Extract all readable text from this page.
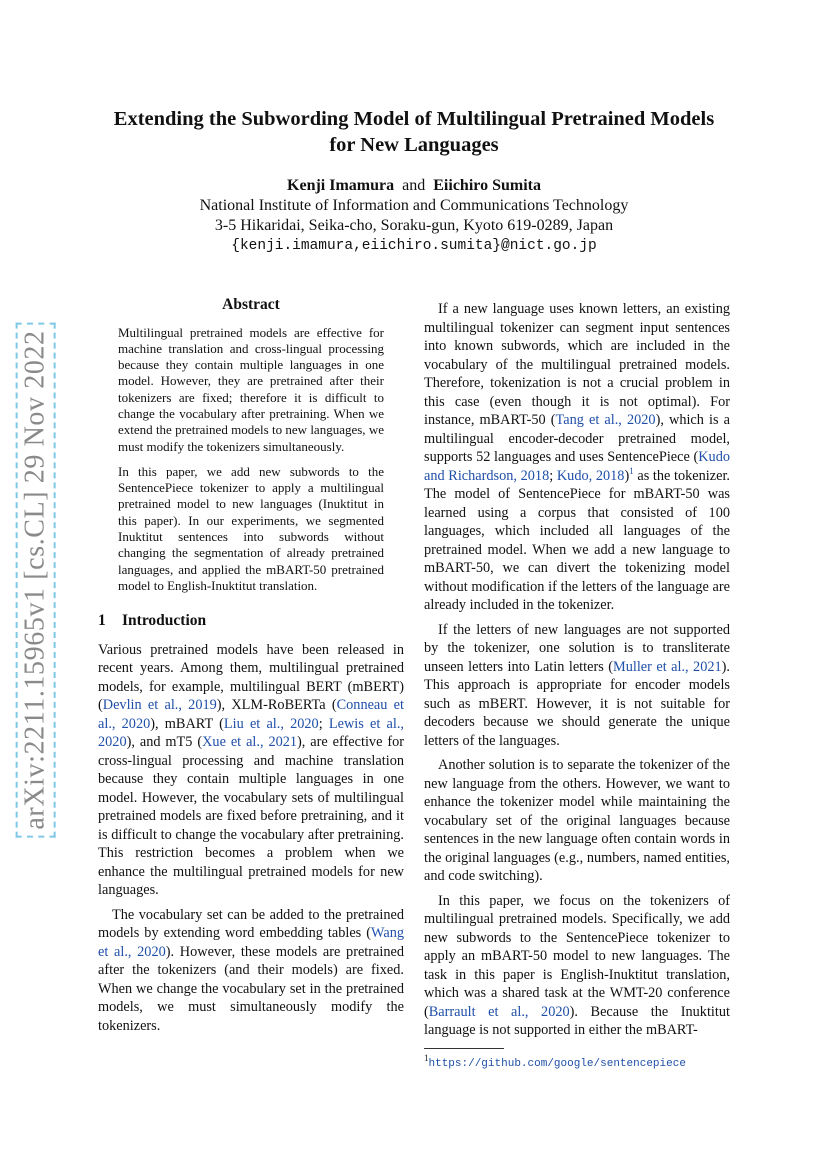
arXiv:2211.15965v1 [cs.CL] 29 Nov 2022
Extending the Subwording Model of Multilingual Pretrained Models for New Languages
Kenji Imamura and Eiichiro Sumita
National Institute of Information and Communications Technology
3-5 Hikaridai, Seika-cho, Soraku-gun, Kyoto 619-0289, Japan
{kenji.imamura,eiichiro.sumita}@nict.go.jp
Abstract

Multilingual pretrained models are effective for machine translation and cross-lingual processing because they contain multiple languages in one model. However, they are pretrained after their tokenizers are fixed; therefore it is difficult to change the vocabulary after pretraining. When we extend the pretrained models to new languages, we must modify the tokenizers simultaneously.

In this paper, we add new subwords to the SentencePiece tokenizer to apply a multilingual pretrained model to new languages (Inuktitut in this paper). In our experiments, we segmented Inuktitut sentences into subwords without changing the segmentation of already pretrained languages, and applied the mBART-50 pretrained model to English-Inuktitut translation.

1 Introduction

Various pretrained models have been released in recent years. Among them, multilingual pretrained models, for example, multilingual BERT (mBERT) (Devlin et al., 2019), XLM-RoBERTa (Conneau et al., 2020), mBART (Liu et al., 2020; Lewis et al., 2020), and mT5 (Xue et al., 2021), are effective for cross-lingual processing and machine translation because they contain multiple languages in one model. However, the vocabulary sets of multilingual pretrained models are fixed before pretraining, and it is difficult to change the vocabulary after pretraining. This restriction becomes a problem when we enhance the multilingual pretrained models for new languages.

The vocabulary set can be added to the pretrained models by extending word embedding tables (Wang et al., 2020). However, these models are pretrained after the tokenizers (and their models) are fixed. When we change the vocabulary set in the pretrained models, we must simultaneously modify the tokenizers.

If a new language uses known letters, an existing multilingual tokenizer can segment input sentences into known subwords, which are included in the vocabulary of the multilingual pretrained models. Therefore, tokenization is not a crucial problem in this case (even though it is not optimal). For instance, mBART-50 (Tang et al., 2020), which is a multilingual encoder-decoder pretrained model, supports 52 languages and uses SentencePiece (Kudo and Richardson, 2018; Kudo, 2018)$^1$ as the tokenizer. The model of SentencePiece for mBART-50 was learned using a corpus that consisted of 100 languages, which included all languages of the pretrained model. When we add a new language to mBART-50, we can divert the tokenizing model without modification if the letters of the language are already included in the tokenizer.

If the letters of new languages are not supported by the tokenizer, one solution is to transliterate unseen letters into Latin letters (Muller et al., 2021). This approach is appropriate for encoder models such as mBERT. However, it is not suitable for decoders because we should generate the unique letters of the languages.

Another solution is to separate the tokenizer of the new language from the others. However, we want to enhance the tokenizer model while maintaining the vocabulary set of the original languages because sentences in the new language often contain words in the original languages (e.g., numbers, named entities, and code switching).

In this paper, we focus on the tokenizers of multilingual pretrained models. Specifically, we add new subwords to the SentencePiece tokenizer to apply an mBART-50 model to new languages. The task in this paper is English-Inuktitut translation, which was a shared task at the WMT-20 conference (Barrault et al., 2020). Because the Inuktitut language is not supported in either the mBART-

$^1$https://github.com/google/sentencepiece
